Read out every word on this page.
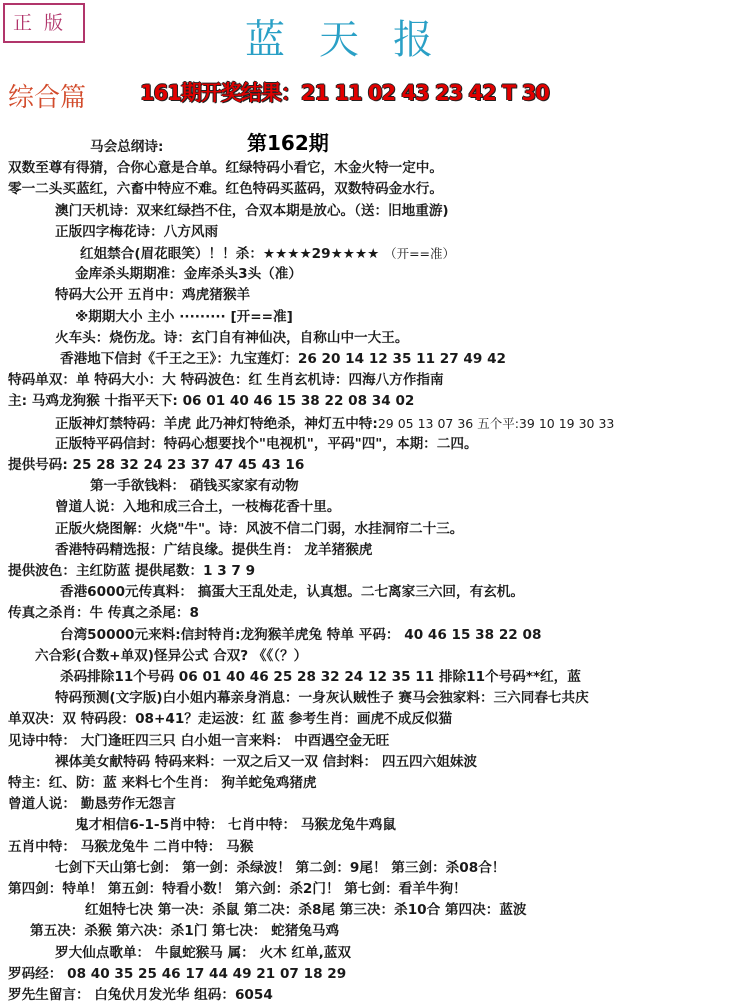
正版	蓝天报
综合篇	161期开奖结果：21 11 02 43 23 42 T 30
第162期
马会总纲诗:
双数至尊有得猜，合你心意是合单。红绿特码小看它，木金火特一定中。
零一二头买蓝红，六畜中特应不难。红色特码买蓝码，双数特码金水行。
澳门天机诗：双来红绿挡不住，合双本期是放心。（送：旧地重游)
正版四字梅花诗：八方风雨
红姐禁合(眉花眼笑）！！杀：★★★★29★★★★ （开==准）
金库杀头期期准：金库杀头3头（准）
特码大公开 五肖中：鸡虎猪猴羊
※期期大小 主小 ········· [开==准]
火车头：烧伤龙。诗：玄门自有神仙决，自称山中一大王。
香港地下信封《千王之王》：九宝莲灯：26 20 14 12 35 11 27 49 42
特码单双：单 特码大小：大 特码波色：红 生肖玄机诗：四海八方作指南
主: 马鸡龙狗猴 十指平天下: 06 01 40 46 15 38 22 08 34 02
正版神灯禁特码：羊虎 此乃神灯特绝杀，神灯五中特:29 05 13 07 36 五个平:39 10 19 30 33
正版特平码信封：特码心想要找个"电视机"，平码"四"，本期：二四。
提供号码: 25 28 32 24 23 37 47 45 43 16
第一手欲钱料： 硝钱买家家有动物
曾道人说：入地和成三合土，一枝梅花香十里。
正版火烧图解：火烧"牛"。诗：风波不信二门弱，水挂洞帘二十三。
香港特码精选报：广结良缘。提供生肖： 龙羊猪猴虎
提供波色：主红防蓝 提供尾数：1 3 7 9
香港6000元传真料： 搞蛋大王乱处走，认真想。二七离家三六回，有玄机。
传真之杀肖：牛 传真之杀尾：8
台湾50000元来料:信封特肖:龙狗猴羊虎兔 特单 平码： 40 46 15 38 22 08
六合彩(合数+单双)怪异公式 合双? 《《（？）
杀码排除11个号码 06 01 40 46 25 28 32 24 12 35 11 排除11个号码**红，蓝
特码预测(文字版)白小姐内幕亲身消息：一身灰认贼性子 赛马会独家料：三六同春七共庆
单双决：双 特码段：08+41？走运波：红 蓝 参考生肖：画虎不成反似猫
见诗中特： 大门逢旺四三只 白小姐一言来料： 中酉遇空金无旺
裸体美女献特码 特码来料：一双之后又一双 信封料： 四五四六姐妹波
特主：红、防：蓝 来料七个生肖： 狗羊蛇兔鸡猪虎
曾道人说： 勤恳劳作无怨言
鬼才相信6-1-5肖中特： 七肖中特： 马猴龙兔牛鸡鼠
五肖中特： 马猴龙兔牛 二肖中特： 马猴
七剑下天山第七剑： 第一剑：杀绿波！ 第二剑：9尾！ 第三剑：杀08合！
第四剑：特单！ 第五剑：特看小数！ 第六剑：杀2门！ 第七剑：看羊牛狗！
红姐特七决 第一决：杀鼠 第二决：杀8尾 第三决：杀10合 第四决：蓝波
第五决：杀猴 第六决：杀1门 第七决： 蛇猪兔马鸡
罗大仙点歌单： 牛鼠蛇猴马 属： 火木 红单,蓝双
罗码经： 08 40 35 25 46 17 44 49 21 07 18 29
罗先生留言： 白兔伏月发光华 组码：6054
